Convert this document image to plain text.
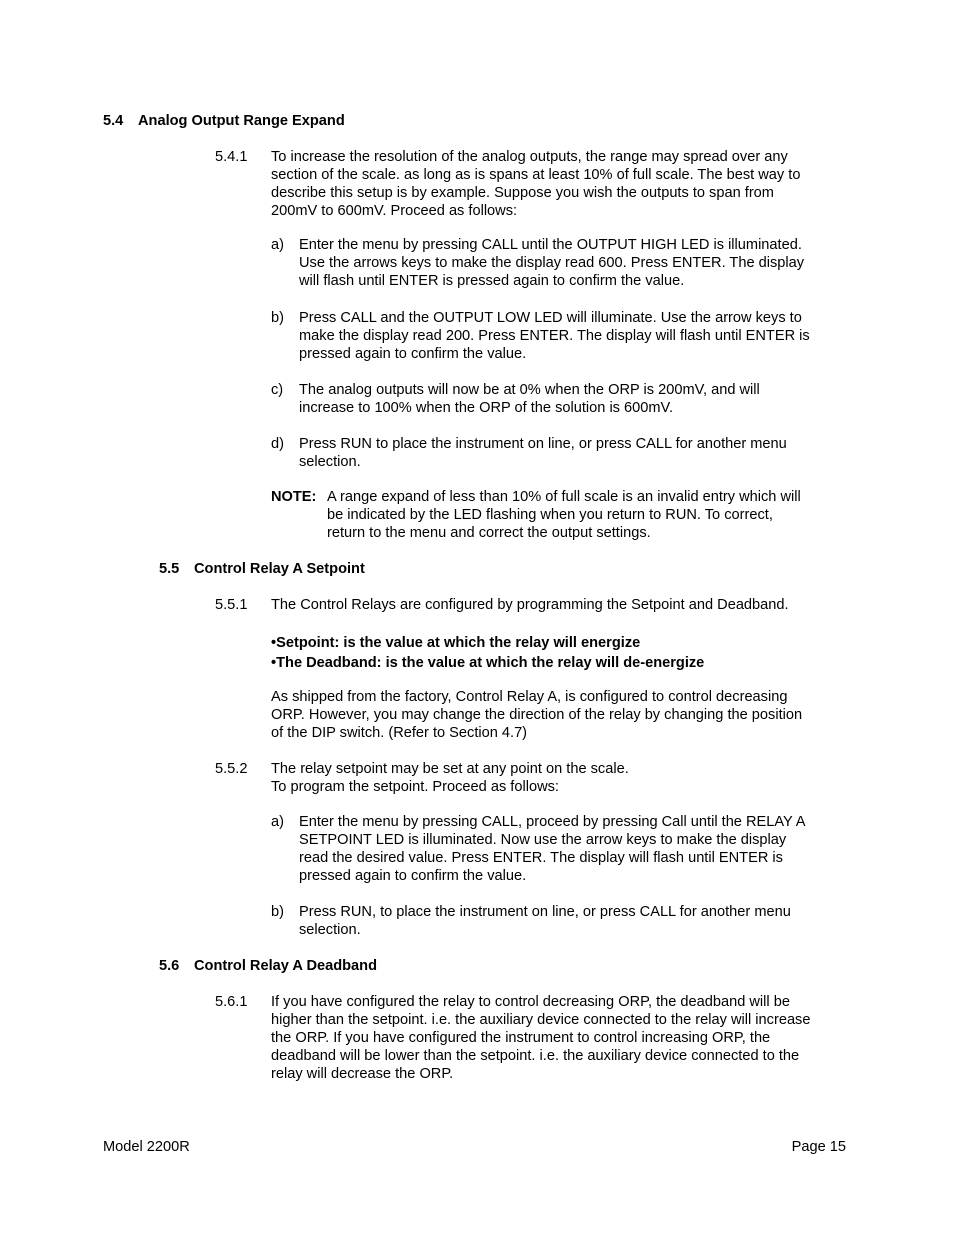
5.4 Analog Output Range Expand
5.4.1 To increase the resolution of the analog outputs, the range may spread over any
section of the scale. as long as is spans at least 10% of full scale. The best way to
describe this setup is by example. Suppose you wish the outputs to span from
200mV to 600mV. Proceed as follows:
a) Enter the menu by pressing CALL until the OUTPUT HIGH LED is illuminated.
Use the arrows keys to make the display read 600. Press ENTER. The display
will flash until ENTER is pressed again to confirm the value.
b) Press CALL and the OUTPUT LOW LED will illuminate. Use the arrow keys to
make the display read 200. Press ENTER. The display will flash until ENTER is
pressed again to confirm the value.
c) The analog outputs will now be at 0% when the ORP is 200mV, and will
increase to 100% when the ORP of the solution is 600mV.
d) Press RUN to place the instrument on line, or press CALL for another menu
selection.
NOTE: A range expand of less than 10% of full scale is an invalid entry which will
be indicated by the LED flashing when you return to RUN. To correct,
return to the menu and correct the output settings.
5.5 Control Relay A Setpoint
5.5.1 The Control Relays are configured by programming the Setpoint and Deadband.
•Setpoint: is the value at which the relay will energize
•The Deadband: is the value at which the relay will de-energize
As shipped from the factory, Control Relay A, is configured to control decreasing
ORP. However, you may change the direction of the relay by changing the position
of the DIP switch. (Refer to Section 4.7)
5.5.2 The relay setpoint may be set at any point on the scale.
To program the setpoint. Proceed as follows:
a) Enter the menu by pressing CALL, proceed by pressing Call until the RELAY A
SETPOINT LED is illuminated. Now use the arrow keys to make the display
read the desired value. Press ENTER. The display will flash until ENTER is
pressed again to confirm the value.
b) Press RUN, to place the instrument on line, or press CALL for another menu
selection.
5.6 Control Relay A Deadband
5.6.1 If you have configured the relay to control decreasing ORP, the deadband will be
higher than the setpoint. i.e. the auxiliary device connected to the relay will increase
the ORP. If you have configured the instrument to control increasing ORP, the
deadband will be lower than the setpoint. i.e. the auxiliary device connected to the
relay will decrease the ORP.
Model 2200R	Page 15
